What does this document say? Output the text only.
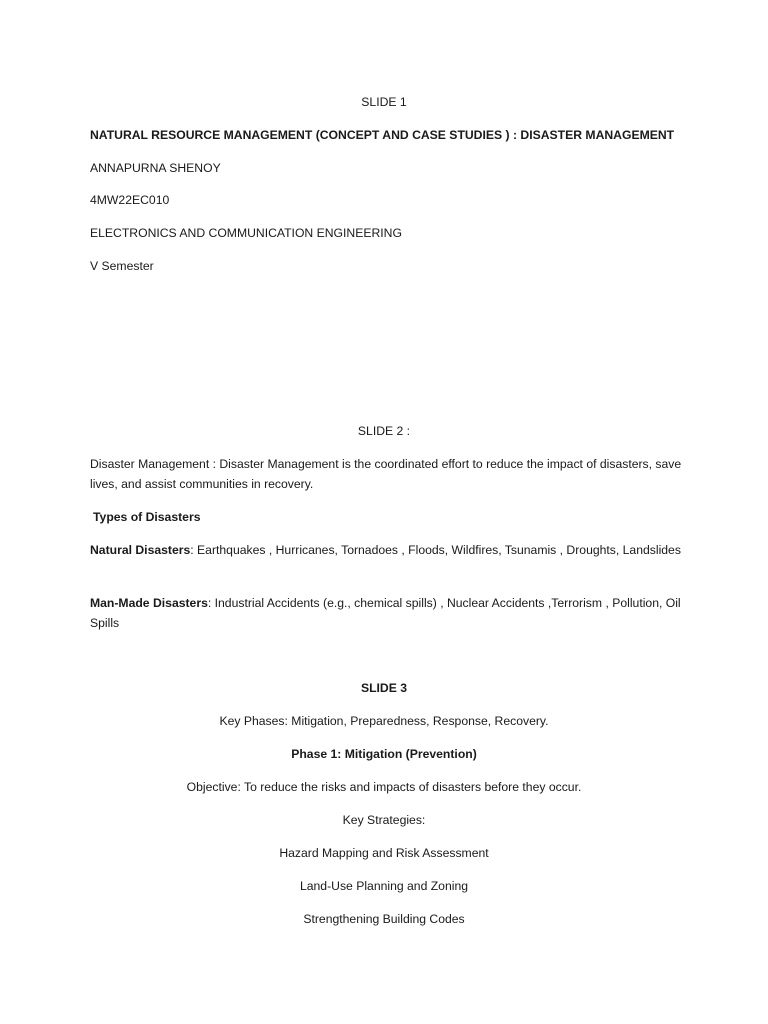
SLIDE 1

NATURAL RESOURCE MANAGEMENT (CONCEPT AND CASE STUDIES ) : DISASTER MANAGEMENT

ANNAPURNA SHENOY

4MW22EC010

ELECTRONICS AND COMMUNICATION ENGINEERING

V Semester

SLIDE 2 :

Disaster Management : Disaster Management is the coordinated effort to reduce the impact of disasters, save lives, and assist communities in recovery.

Types of Disasters

Natural Disasters: Earthquakes , Hurricanes, Tornadoes , Floods, Wildfires, Tsunamis , Droughts, Landslides

Man-Made Disasters: Industrial Accidents (e.g., chemical spills) , Nuclear Accidents ,Terrorism , Pollution, Oil Spills

SLIDE 3

Key Phases: Mitigation, Preparedness, Response, Recovery.

Phase 1: Mitigation (Prevention)

Objective: To reduce the risks and impacts of disasters before they occur.

Key Strategies:

Hazard Mapping and Risk Assessment

Land-Use Planning and Zoning

Strengthening Building Codes
